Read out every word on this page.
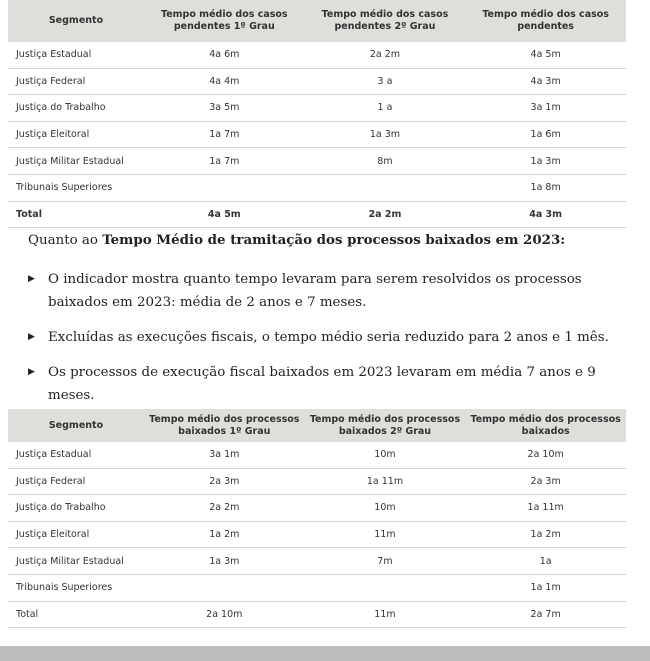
Segmento	Tempo médio dos casos pendentes 1º Grau	Tempo médio dos casos pendentes 2º Grau	Tempo médio dos casos pendentes
Justiça Estadual	4a 6m	2a 2m	4a 5m
Justiça Federal	4a 4m	3 a	4a 3m
Justiça do Trabalho	3a 5m	1 a	3a 1m
Justiça Eleitoral	1a 7m	1a 3m	1a 6m
Justiça Militar Estadual	1a 7m	8m	1a 3m
Tribunais Superiores			1a 8m
Total	4a 5m	2a 2m	4a 3m
Quanto ao Tempo Médio de tramitação dos processos baixados em 2023:
▶ O indicador mostra quanto tempo levaram para serem resolvidos os processos baixados em 2023: média de 2 anos e 7 meses.
▶ Excluídas as execuções fiscais, o tempo médio seria reduzido para 2 anos e 1 mês.
▶ Os processos de execução fiscal baixados em 2023 levaram em média 7 anos e 9 meses.
Segmento	Tempo médio dos processos baixados 1º Grau	Tempo médio dos processos baixados 2º Grau	Tempo médio dos processos baixados
Justiça Estadual	3a 1m	10m	2a 10m
Justiça Federal	2a 3m	1a 11m	2a 3m
Justiça do Trabalho	2a 2m	10m	1a 11m
Justiça Eleitoral	1a 2m	11m	1a 2m
Justiça Militar Estadual	1a 3m	7m	1a
Tribunais Superiores			1a 1m
Total	2a 10m	11m	2a 7m
